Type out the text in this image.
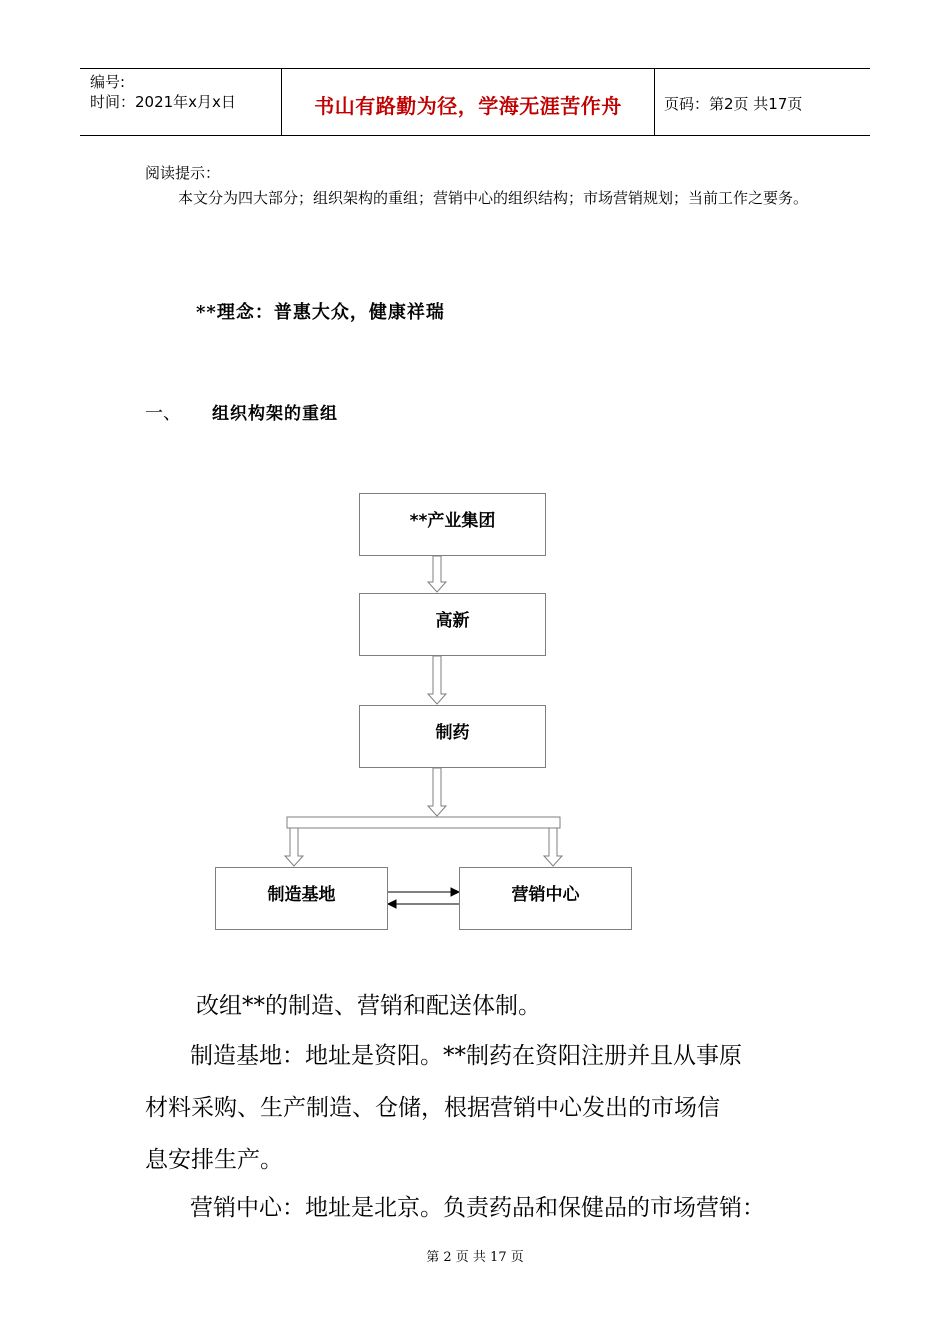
编号:
时间：2021年x月x日	书山有路勤为径，学海无涯苦作舟	页码：第2页 共17页
阅读提示：
本文分为四大部分；组织架构的重组；营销中心的组织结构；市场营销规划；当前工作之要务。
**理念：普惠大众，健康祥瑞
一、 组织构架的重组
**产业集团
高新
制药
制造基地	营销中心
改组**的制造、营销和配送体制。
制造基地：地址是资阳。**制药在资阳注册并且从事原
材料采购、生产制造、仓储，根据营销中心发出的市场信
息安排生产。
营销中心：地址是北京。负责药品和保健品的市场营销：
第 2 页 共 17 页
